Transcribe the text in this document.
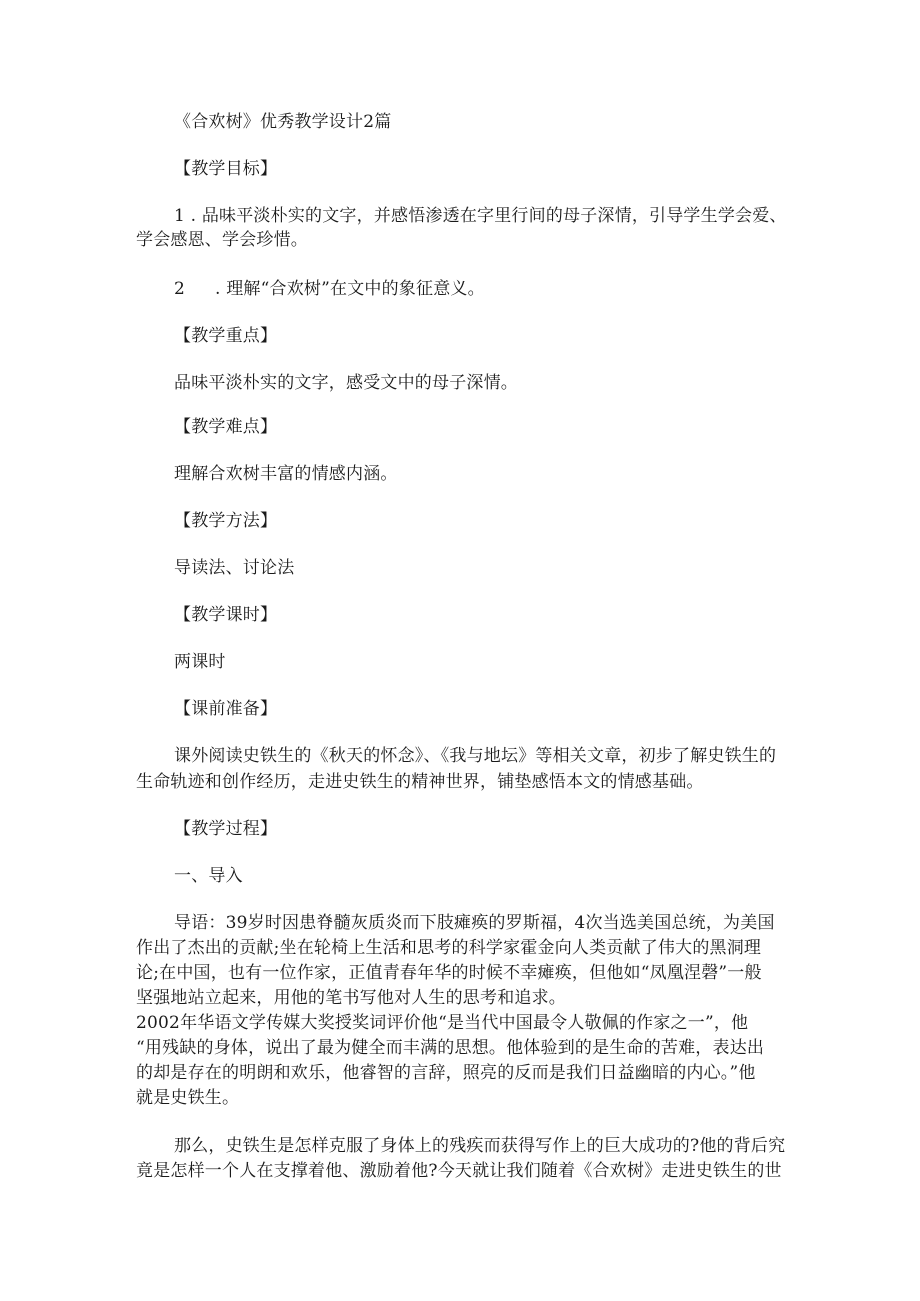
《合欢树》优秀教学设计2篇
【教学目标】
1 . 品味平淡朴实的文字，并感悟渗透在字里行间的母子深情，引导学生学会爱、
学会感恩、学会珍惜。
2 . 理解“合欢树”在文中的象征意义。
【教学重点】
品味平淡朴实的文字，感受文中的母子深情。
【教学难点】
理解合欢树丰富的情感内涵。
【教学方法】
导读法、讨论法
【教学课时】
两课时
【课前准备】
课外阅读史铁生的《秋天的怀念》、《我与地坛》等相关文章，初步了解史铁生的
生命轨迹和创作经历，走进史铁生的精神世界，铺垫感悟本文的情感基础。
【教学过程】
一、导入
导语：39岁时因患脊髓灰质炎而下肢瘫痪的罗斯福，4次当选美国总统，为美国
作出了杰出的贡献;坐在轮椅上生活和思考的科学家霍金向人类贡献了伟大的黑洞理
论;在中国，也有一位作家，正值青春年华的时候不幸瘫痪，但他如“凤凰涅磬”一般
坚强地站立起来，用他的笔书写他对人生的思考和追求。
2002年华语文学传媒大奖授奖词评价他“是当代中国最令人敬佩的作家之一”，他
“用残缺的身体，说出了最为健全而丰满的思想。他体验到的是生命的苦难，表达出
的却是存在的明朗和欢乐，他睿智的言辞，照亮的反而是我们日益幽暗的内心。”他
就是史铁生。
那么，史铁生是怎样克服了身体上的残疾而获得写作上的巨大成功的?他的背后究
竟是怎样一个人在支撑着他、激励着他?今天就让我们随着《合欢树》走进史铁生的世
